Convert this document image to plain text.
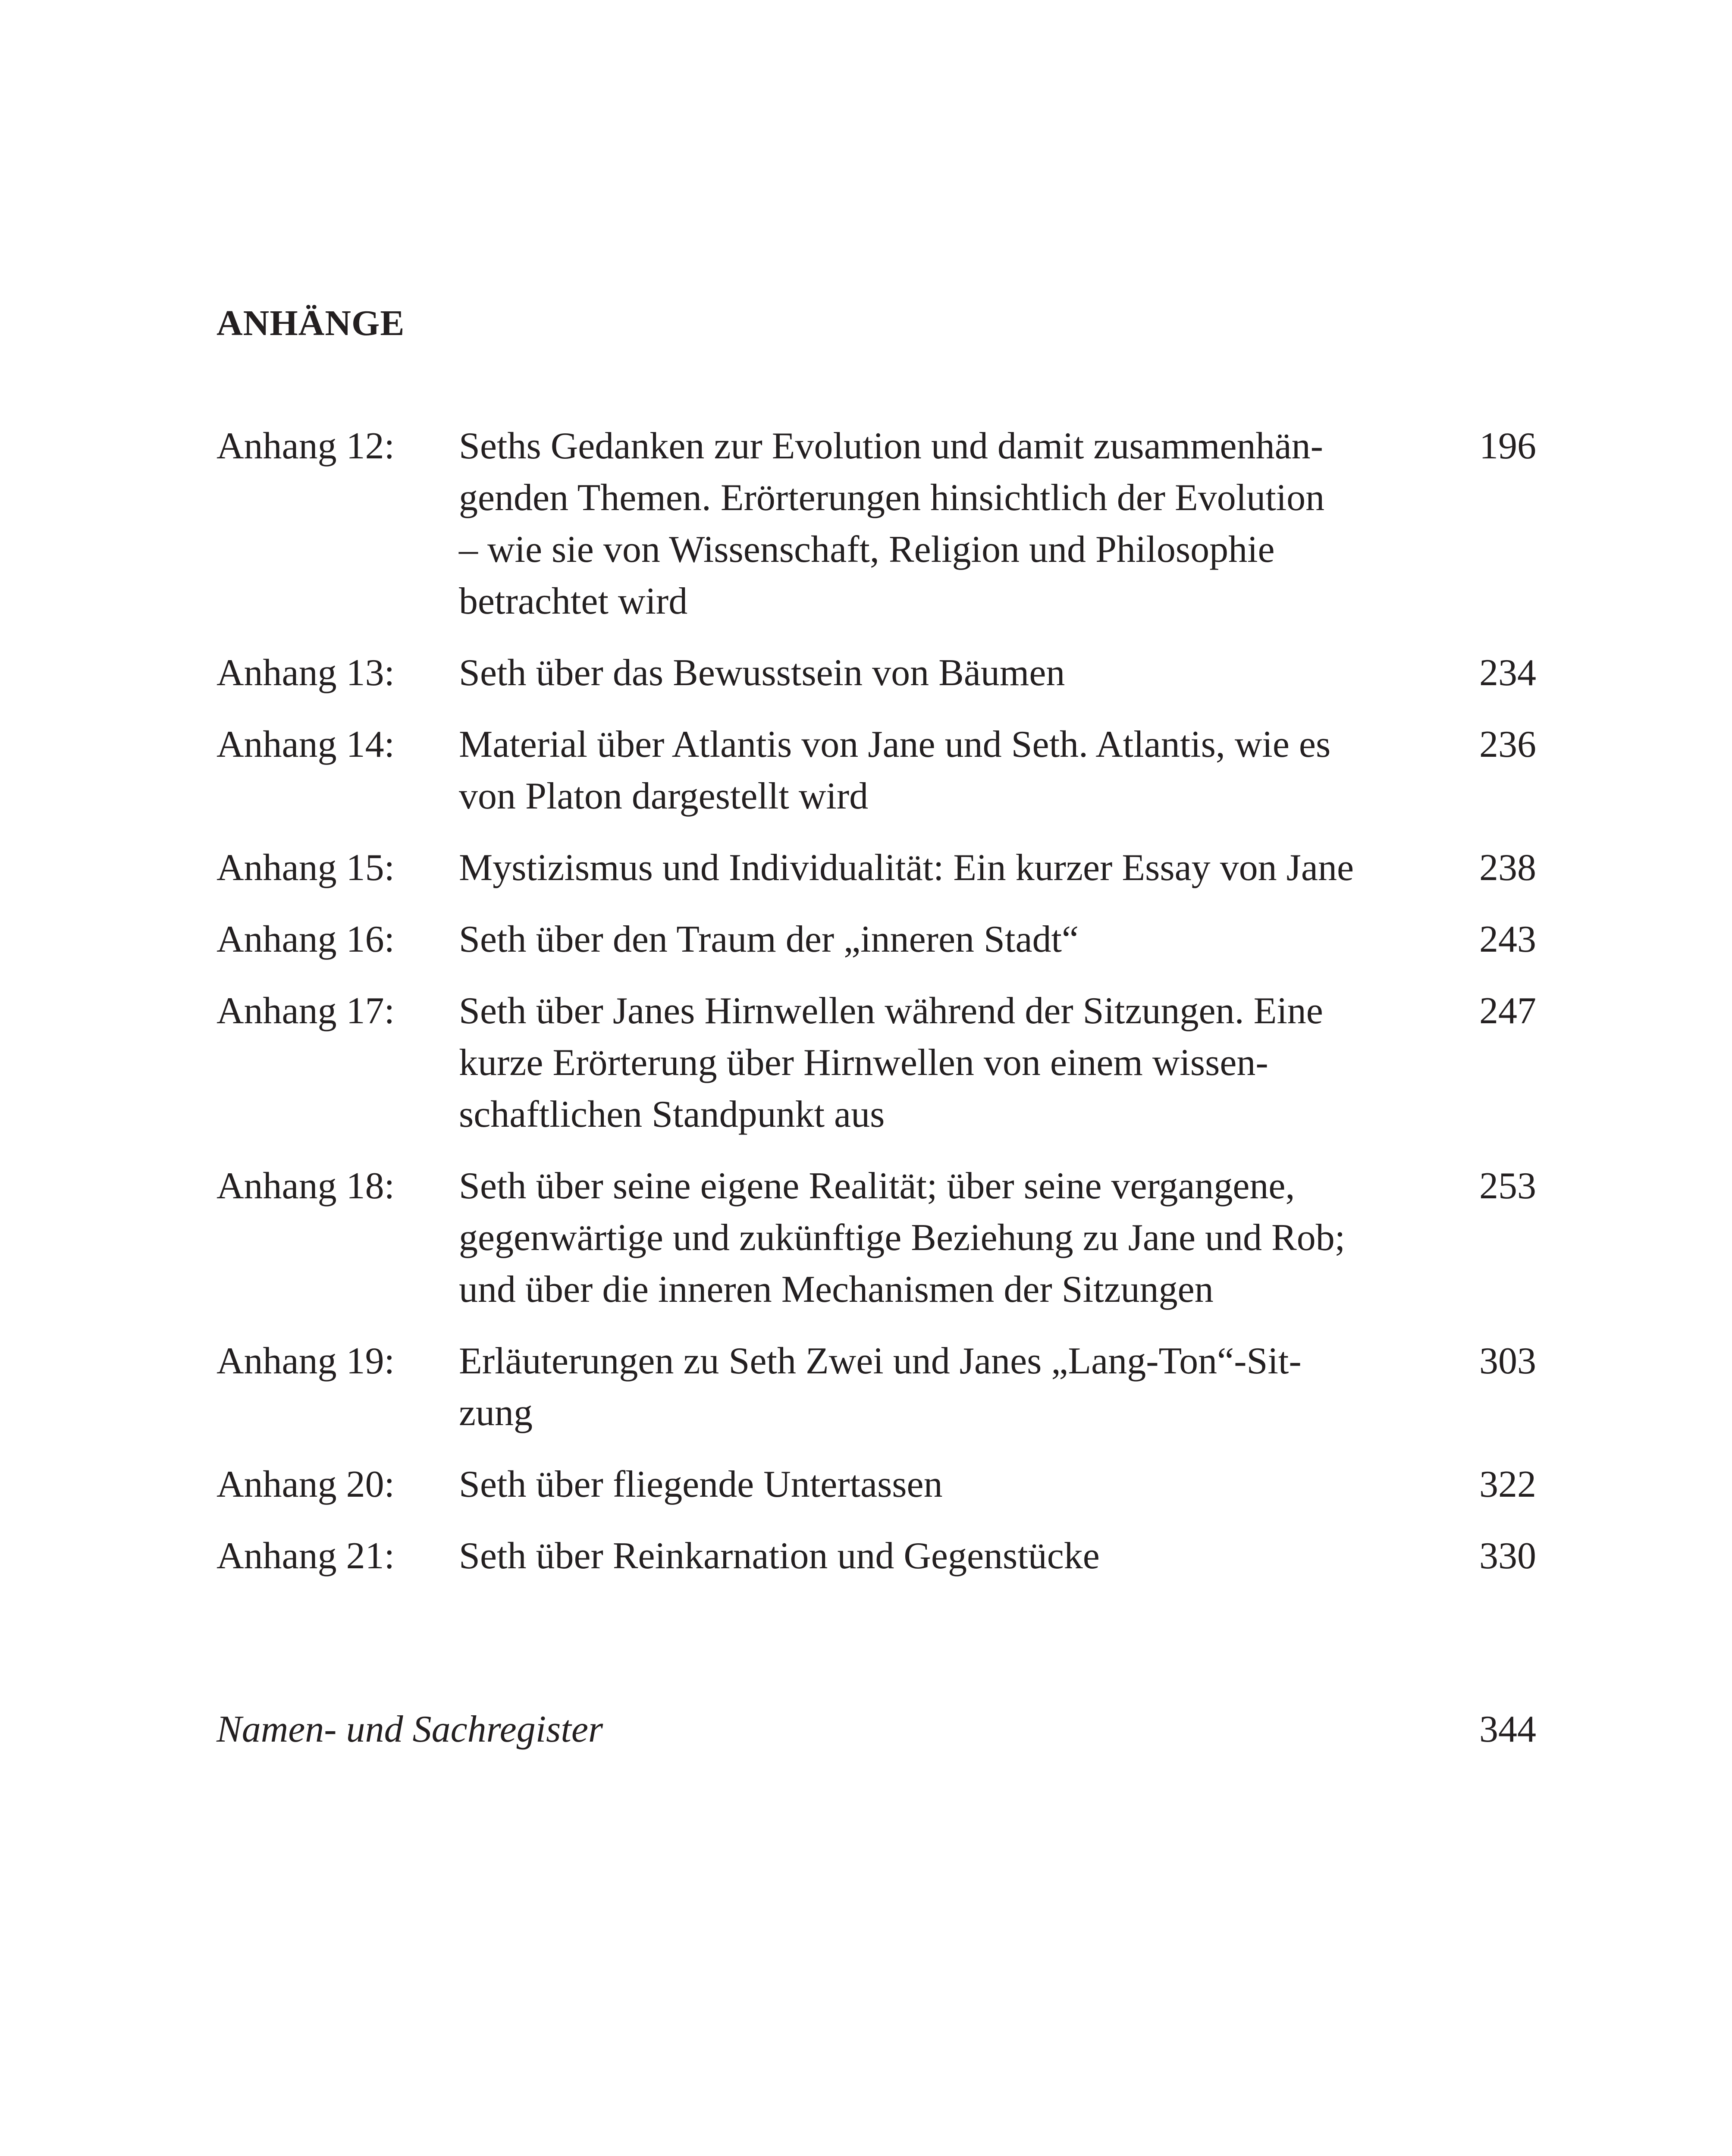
ANHÄNGE
Anhang 12:	Seths Gedanken zur Evolution und damit zusammenhän-
genden Themen. Erörterungen hinsichtlich der Evolution
– wie sie von Wissenschaft, Religion und Philosophie
betrachtet wird
196
Anhang 13:	Seth über das Bewusstsein von Bäumen	234
Anhang 14:	Material über Atlantis von Jane und Seth. Atlantis, wie es
von Platon dargestellt wird
236
Anhang 15:	Mystizismus und Individualität: Ein kurzer Essay von Jane	238
Anhang 16:	Seth über den Traum der „inneren Stadt“	243
Anhang 17:	Seth über Janes Hirnwellen während der Sitzungen. Eine
kurze Erörterung über Hirnwellen von einem wissen-
schaftlichen Standpunkt aus
247
Anhang 18:	Seth über seine eigene Realität; über seine vergangene,
gegenwärtige und zukünftige Beziehung zu Jane und Rob;
und über die inneren Mechanismen der Sitzungen
253
Anhang 19:	Erläuterungen zu Seth Zwei und Janes „Lang-Ton“-Sit-
zung
303
Anhang 20:	Seth über fliegende Untertassen	322
Anhang 21:	Seth über Reinkarnation und Gegenstücke	330
Namen- und Sachregister	344
